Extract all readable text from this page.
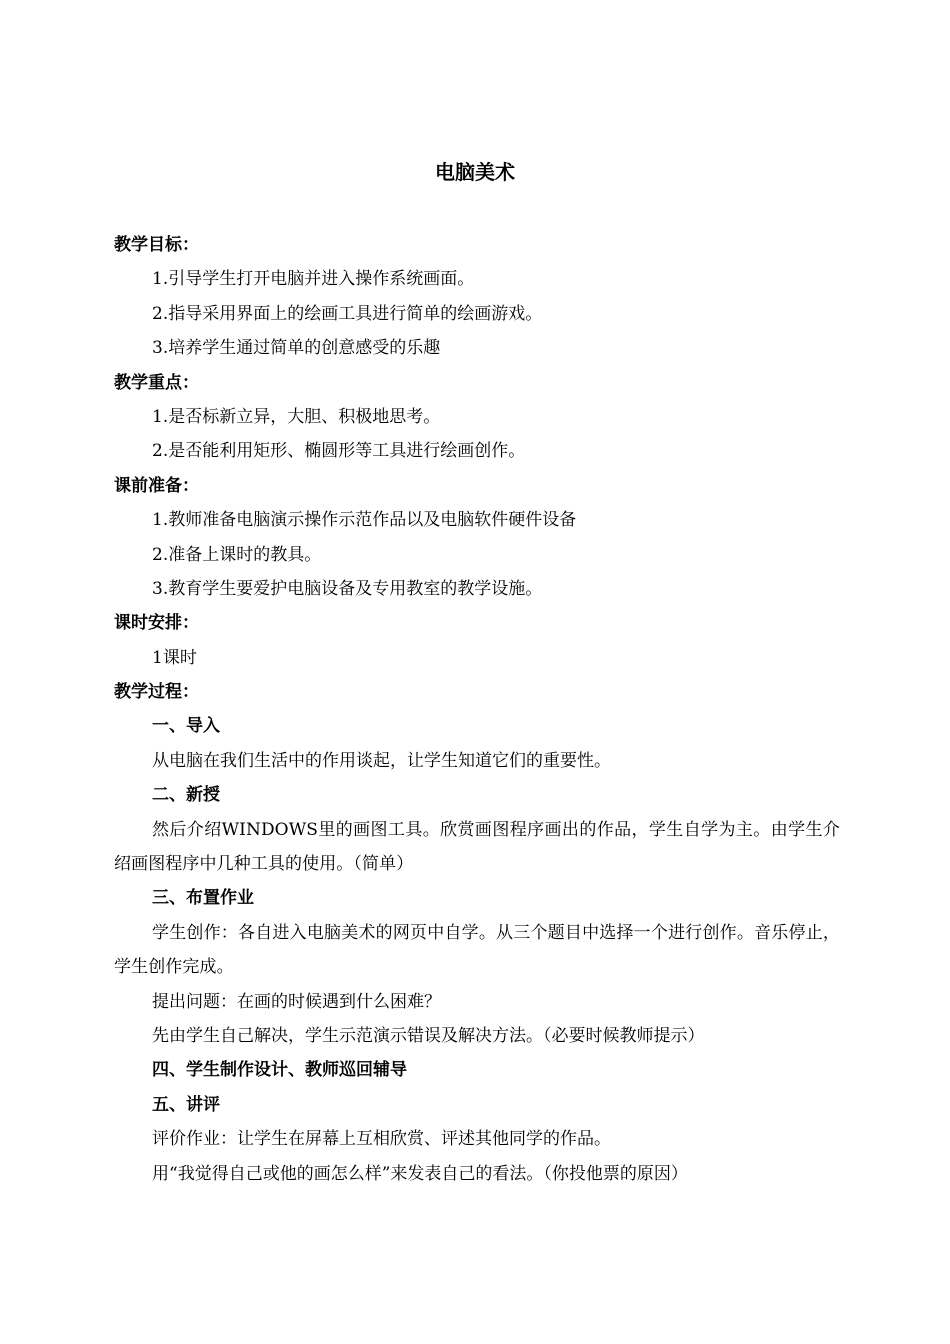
电脑美术
教学目标：
1.引导学生打开电脑并进入操作系统画面。
2.指导采用界面上的绘画工具进行简单的绘画游戏。
3.培养学生通过简单的创意感受的乐趣
教学重点：
1.是否标新立异，大胆、积极地思考。
2.是否能利用矩形、椭圆形等工具进行绘画创作。
课前准备：
1.教师准备电脑演示操作示范作品以及电脑软件硬件设备
2.准备上课时的教具。
3.教育学生要爱护电脑设备及专用教室的教学设施。
课时安排：
1课时
教学过程：
一、导入
从电脑在我们生活中的作用谈起，让学生知道它们的重要性。
二、新授
然后介绍WINDOWS里的画图工具。欣赏画图程序画出的作品，学生自学为主。由学生介绍画图程序中几种工具的使用。（简单）
三、布置作业
学生创作：各自进入电脑美术的网页中自学。从三个题目中选择一个进行创作。音乐停止，学生创作完成。
提出问题：在画的时候遇到什么困难？
先由学生自己解决，学生示范演示错误及解决方法。（必要时候教师提示）
四、学生制作设计、教师巡回辅导
五、讲评
评价作业：让学生在屏幕上互相欣赏、评述其他同学的作品。
用“我觉得自己或他的画怎么样”来发表自己的看法。（你投他票的原因）
